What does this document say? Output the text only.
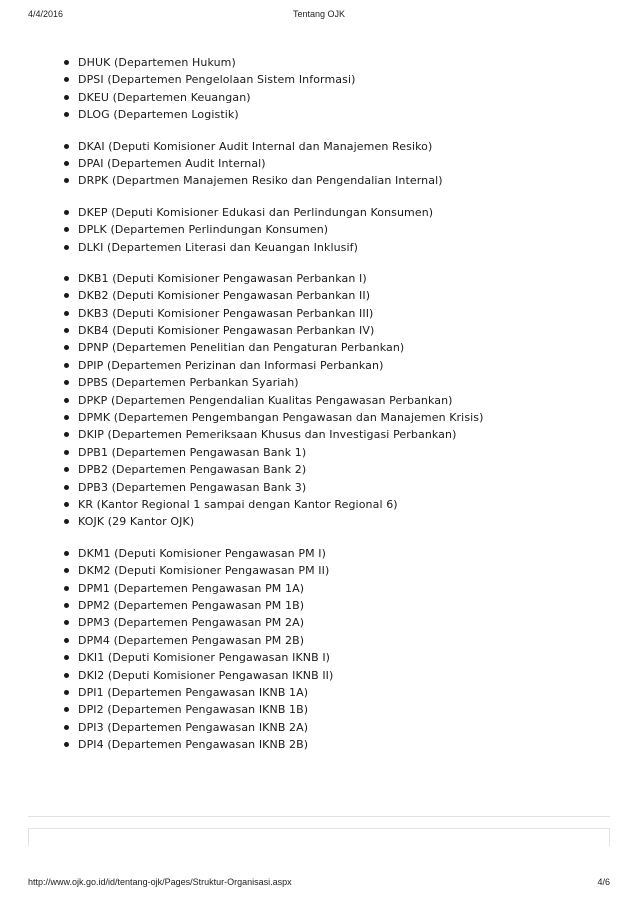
4/4/2016	Tentang OJK
DHUK (Departemen Hukum)
DPSI (Departemen Pengelolaan Sistem Informasi)
DKEU (Departemen Keuangan)
DLOG (Departemen Logistik)
DKAI (Deputi Komisioner Audit Internal dan Manajemen Resiko)
DPAI (Departemen Audit Internal)
DRPK (Departmen Manajemen Resiko dan Pengendalian Internal)
DKEP (Deputi Komisioner Edukasi dan Perlindungan Konsumen)
DPLK (Departemen Perlindungan Konsumen)
DLKI (Departemen Literasi dan Keuangan Inklusif)
DKB1 (Deputi Komisioner Pengawasan Perbankan I)
DKB2 (Deputi Komisioner Pengawasan Perbankan II)
DKB3 (Deputi Komisioner Pengawasan Perbankan III)
DKB4 (Deputi Komisioner Pengawasan Perbankan IV)
DPNP (Departemen Penelitian dan Pengaturan Perbankan)
DPIP (Departemen Perizinan dan Informasi Perbankan)
DPBS (Departemen Perbankan Syariah)
DPKP (Departemen Pengendalian Kualitas Pengawasan Perbankan)
DPMK (Departemen Pengembangan Pengawasan dan Manajemen Krisis)
DKIP (Departemen Pemeriksaan Khusus dan Investigasi Perbankan)
DPB1 (Departemen Pengawasan Bank 1)
DPB2 (Departemen Pengawasan Bank 2)
DPB3 (Departemen Pengawasan Bank 3)
KR (Kantor Regional 1 sampai dengan Kantor Regional 6)
KOJK (29 Kantor OJK)
DKM1 (Deputi Komisioner Pengawasan PM I)
DKM2 (Deputi Komisioner Pengawasan PM II)
DPM1 (Departemen Pengawasan PM 1A)
DPM2 (Departemen Pengawasan PM 1B)
DPM3 (Departemen Pengawasan PM 2A)
DPM4 (Departemen Pengawasan PM 2B)
DKI1 (Deputi Komisioner Pengawasan IKNB I)
DKI2 (Deputi Komisioner Pengawasan IKNB II)
DPI1 (Departemen Pengawasan IKNB 1A)
DPI2 (Departemen Pengawasan IKNB 1B)
DPI3 (Departemen Pengawasan IKNB 2A)
DPI4 (Departemen Pengawasan IKNB 2B)
http://www.ojk.go.id/id/tentang-ojk/Pages/Struktur-Organisasi.aspx	4/6
